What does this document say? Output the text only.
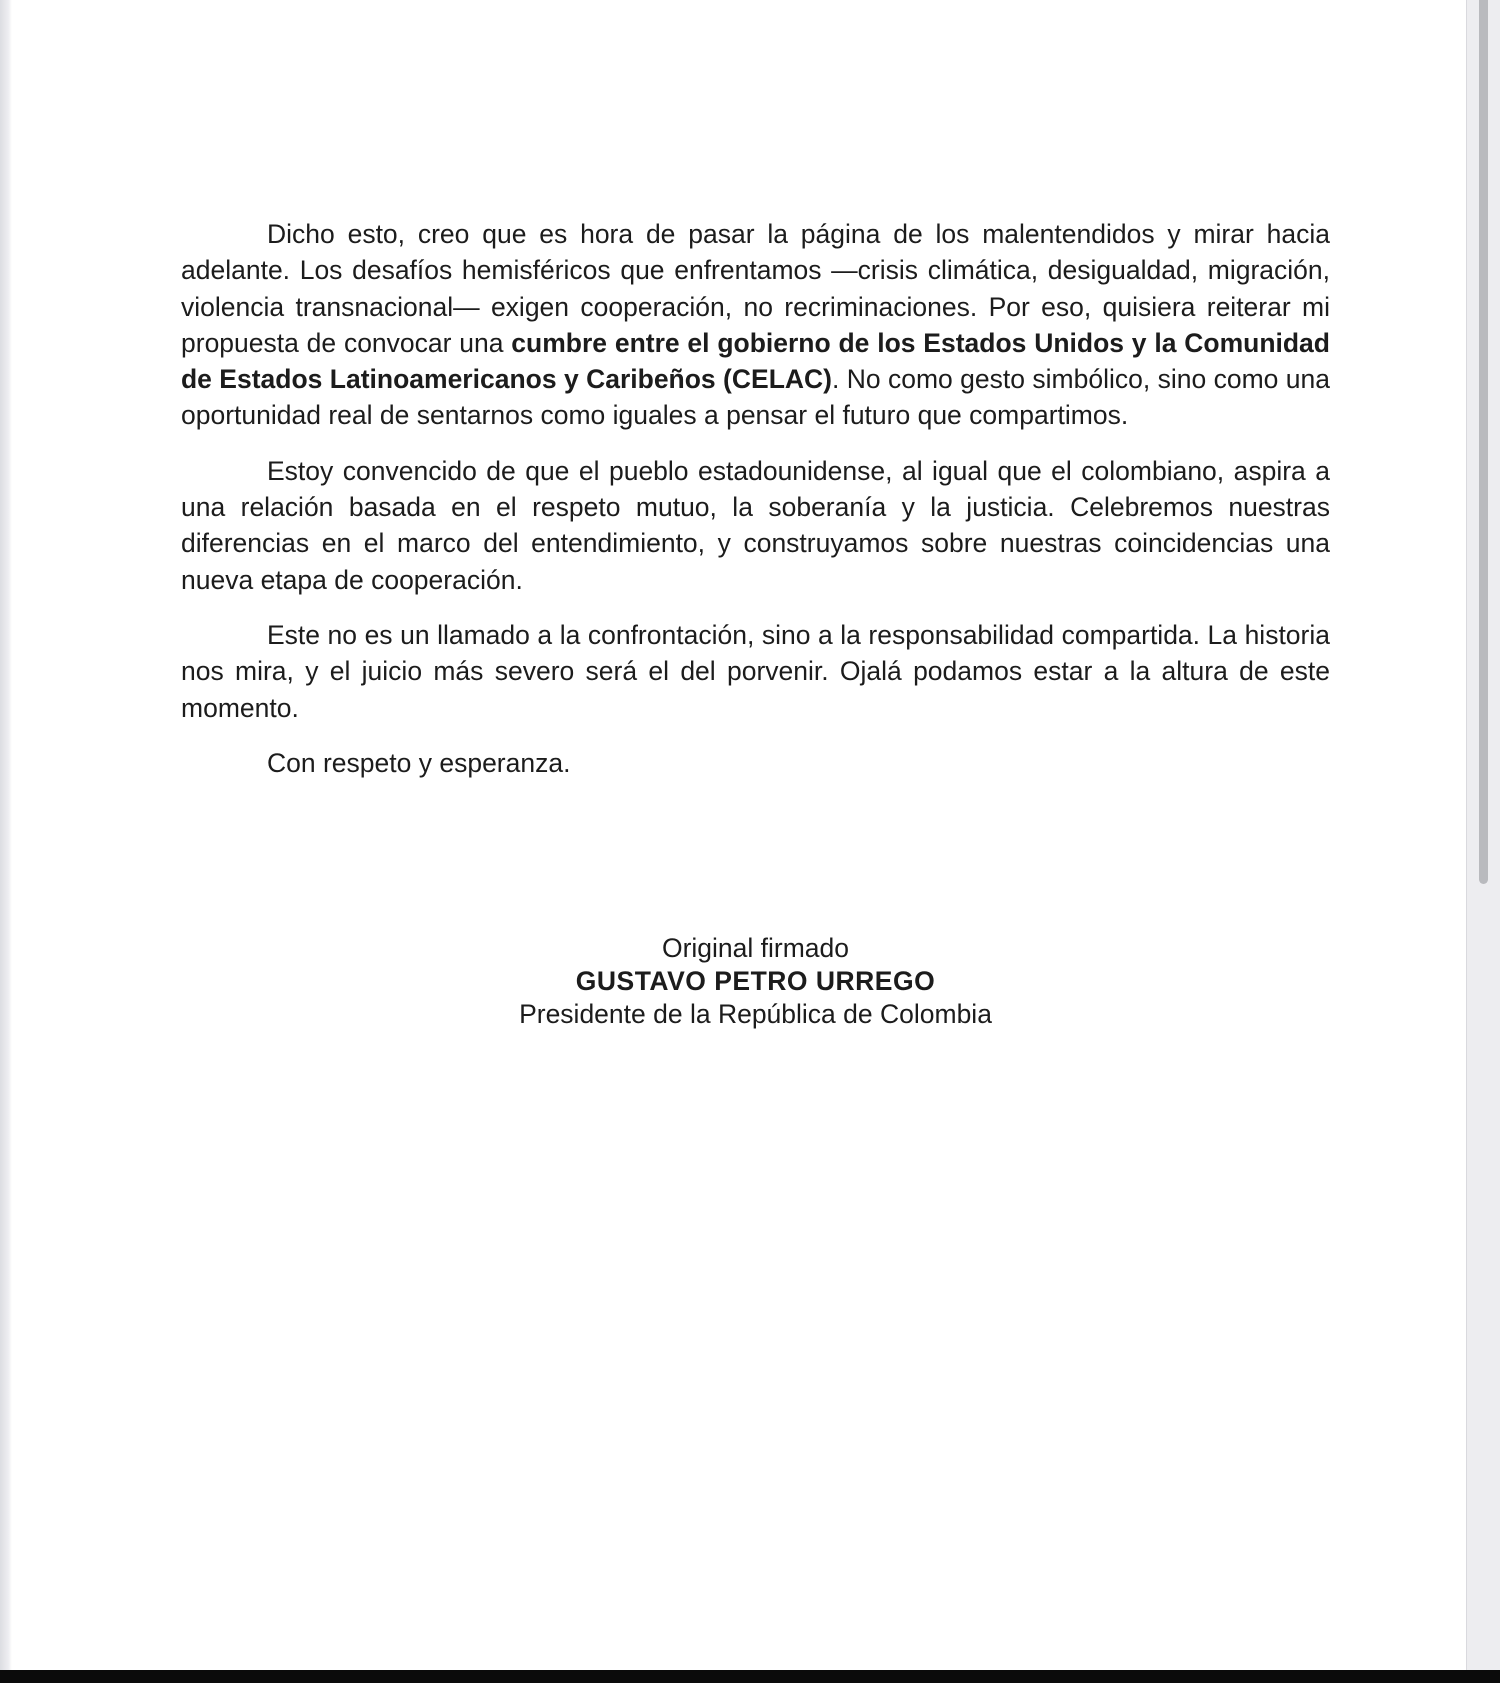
Dicho esto, creo que es hora de pasar la página de los malentendidos y mirar hacia adelante. Los desafíos hemisféricos que enfrentamos —crisis climática, desigualdad, migración, violencia transnacional— exigen cooperación, no recriminaciones. Por eso, quisiera reiterar mi propuesta de convocar una cumbre entre el gobierno de los Estados Unidos y la Comunidad de Estados Latinoamericanos y Caribeños (CELAC). No como gesto simbólico, sino como una oportunidad real de sentarnos como iguales a pensar el futuro que compartimos.

Estoy convencido de que el pueblo estadounidense, al igual que el colombiano, aspira a una relación basada en el respeto mutuo, la soberanía y la justicia. Celebremos nuestras diferencias en el marco del entendimiento, y construyamos sobre nuestras coincidencias una nueva etapa de cooperación.

Este no es un llamado a la confrontación, sino a la responsabilidad compartida. La historia nos mira, y el juicio más severo será el del porvenir. Ojalá podamos estar a la altura de este momento.

Con respeto y esperanza.

Original firmado
GUSTAVO PETRO URREGO
Presidente de la República de Colombia
